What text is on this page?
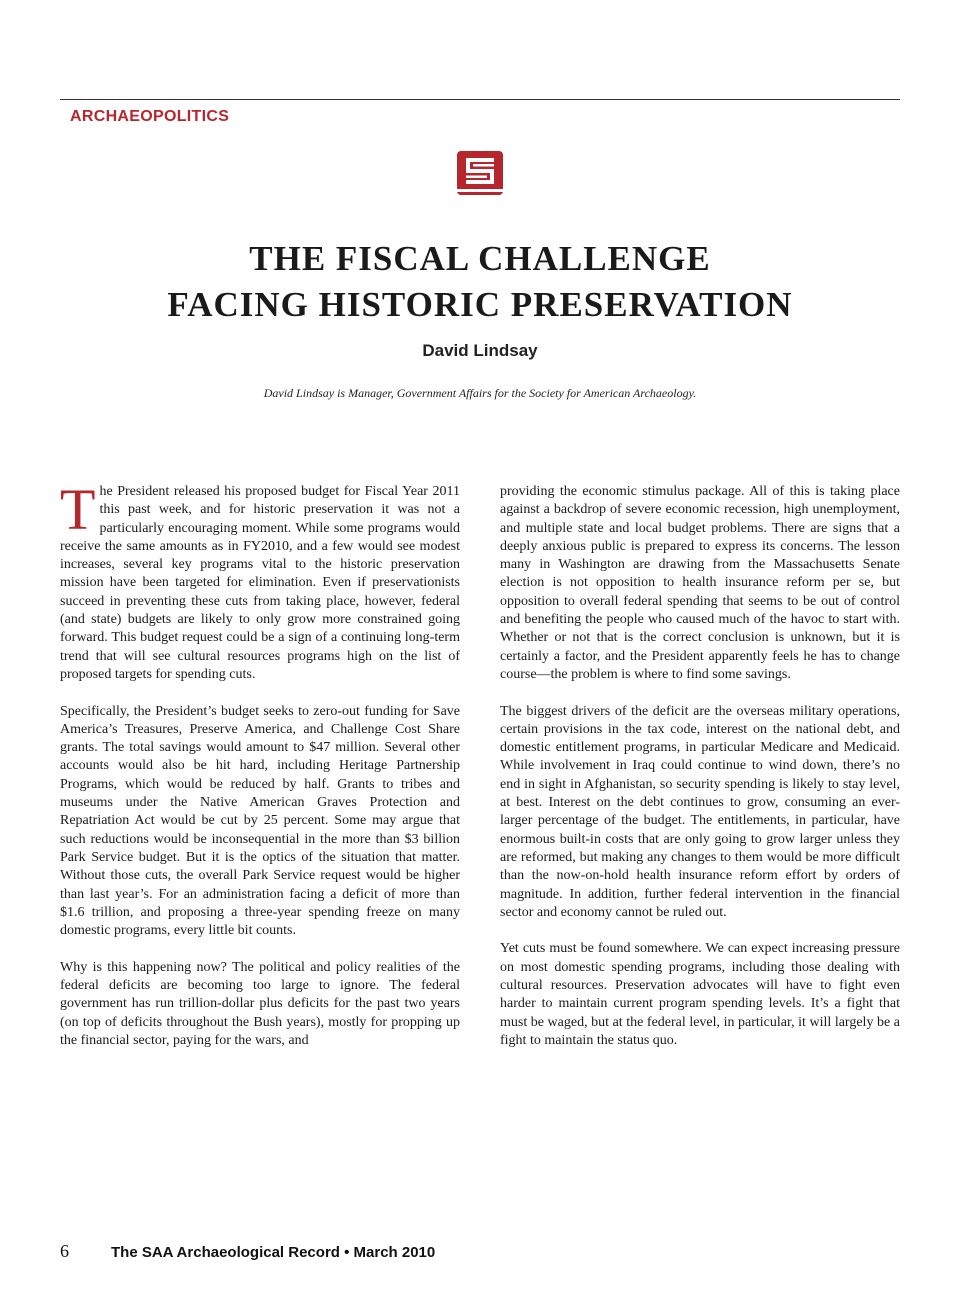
ARCHAEOPOLITICS
THE FISCAL CHALLENGE
FACING HISTORIC PRESERVATION
David Lindsay
David Lindsay is Manager, Government Affairs for the Society for American Archaeology.

The President released his proposed budget for Fiscal Year 2011 this past week, and for historic preservation it was not a particularly encouraging moment. While some programs would receive the same amounts as in FY2010, and a few would see modest increases, several key programs vital to the historic preservation mission have been targeted for elimination. Even if preservationists succeed in preventing these cuts from taking place, however, federal (and state) budgets are likely to only grow more constrained going forward. This budget request could be a sign of a continuing long-term trend that will see cultural resources programs high on the list of proposed targets for spending cuts.

Specifically, the President’s budget seeks to zero-out funding for Save America’s Treasures, Preserve America, and Challenge Cost Share grants. The total savings would amount to $47 million. Several other accounts would also be hit hard, including Heritage Partnership Programs, which would be reduced by half. Grants to tribes and museums under the Native American Graves Protection and Repatriation Act would be cut by 25 percent. Some may argue that such reductions would be inconsequential in the more than $3 billion Park Service budget. But it is the optics of the situation that matter. Without those cuts, the overall Park Service request would be higher than last year’s. For an administration facing a deficit of more than $1.6 trillion, and proposing a three-year spending freeze on many domestic programs, every little bit counts.

Why is this happening now? The political and policy realities of the federal deficits are becoming too large to ignore. The federal government has run trillion-dollar plus deficits for the past two years (on top of deficits throughout the Bush years), mostly for propping up the financial sector, paying for the wars, and

providing the economic stimulus package. All of this is taking place against a backdrop of severe economic recession, high unemployment, and multiple state and local budget problems. There are signs that a deeply anxious public is prepared to express its concerns. The lesson many in Washington are drawing from the Massachusetts Senate election is not opposition to health insurance reform per se, but opposition to overall federal spending that seems to be out of control and benefiting the people who caused much of the havoc to start with. Whether or not that is the correct conclusion is unknown, but it is certainly a factor, and the President apparently feels he has to change course—the problem is where to find some savings.

The biggest drivers of the deficit are the overseas military operations, certain provisions in the tax code, interest on the national debt, and domestic entitlement programs, in particular Medicare and Medicaid. While involvement in Iraq could continue to wind down, there’s no end in sight in Afghanistan, so security spending is likely to stay level, at best. Interest on the debt continues to grow, consuming an ever-larger percentage of the budget. The entitlements, in particular, have enormous built-in costs that are only going to grow larger unless they are reformed, but making any changes to them would be more difficult than the now-on-hold health insurance reform effort by orders of magnitude. In addition, further federal intervention in the financial sector and economy cannot be ruled out.

Yet cuts must be found somewhere. We can expect increasing pressure on most domestic spending programs, including those dealing with cultural resources. Preservation advocates will have to fight even harder to maintain current program spending levels. It’s a fight that must be waged, but at the federal level, in particular, it will largely be a fight to maintain the status quo.

6	The SAA Archaeological Record • March 2010
